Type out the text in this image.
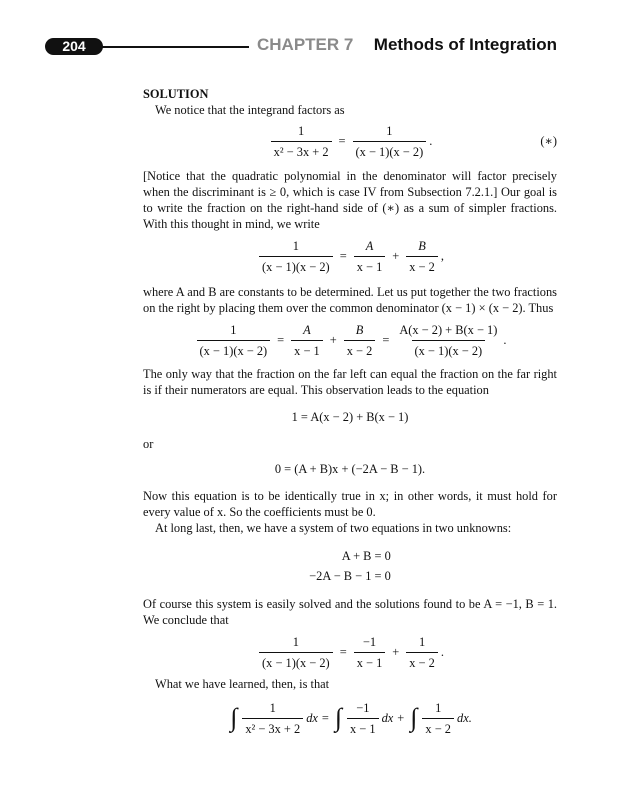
204	CHAPTER 7 Methods of Integration

SOLUTION

We notice that the integrand factors as

$\frac{1}{\text{x² − 3x + 2}} = \frac{1}{(x - 1)(x - 2)}$ .	(∗)

[Notice that the quadratic polynomial in the denominator will factor precisely when the discriminant is ≥ 0, which is case IV from Subsection 7.2.1.] Our goal is to write the fraction on the right-hand side of (∗) as a sum of simpler fractions. With this thought in mind, we write

$\frac{1}{(x - 1)(x - 2)} = \frac{A}{x - 1} + \frac{B}{x - 2}$ ,

where A and B are constants to be determined. Let us put together the two fractions on the right by placing them over the common denominator (x − 1) × (x − 2). Thus

$\frac{1}{(x - 1)(x - 2)} = \frac{A}{x - 1} + \frac{B}{x - 2} = \frac{A(x - 2) + B(x - 1)}{(x - 1)(x - 2)}$ .

The only way that the fraction on the far left can equal the fraction on the far right is if their numerators are equal. This observation leads to the equation

1 = A(x − 2) + B(x − 1)

or

0 = (A + B)x + (−2A − B − 1).

Now this equation is to be identically true in x; in other words, it must hold for every value of x. So the coefficients must be 0.

At long last, then, we have a system of two equations in two unknowns:

A + B = 0
−2A − B − 1 = 0

Of course this system is easily solved and the solutions found to be A = −1, B = 1. We conclude that

$\frac{1}{(x - 1)(x - 2)} = \frac{-1}{x - 1} + \frac{1}{x - 2}$ .

What we have learned, then, is that

∫ $\frac{1}{\text{x² − 3x + 2}}$ dx = ∫ $\frac{-1}{x - 1}$ dx + ∫ $\frac{1}{x - 2}$ dx.
